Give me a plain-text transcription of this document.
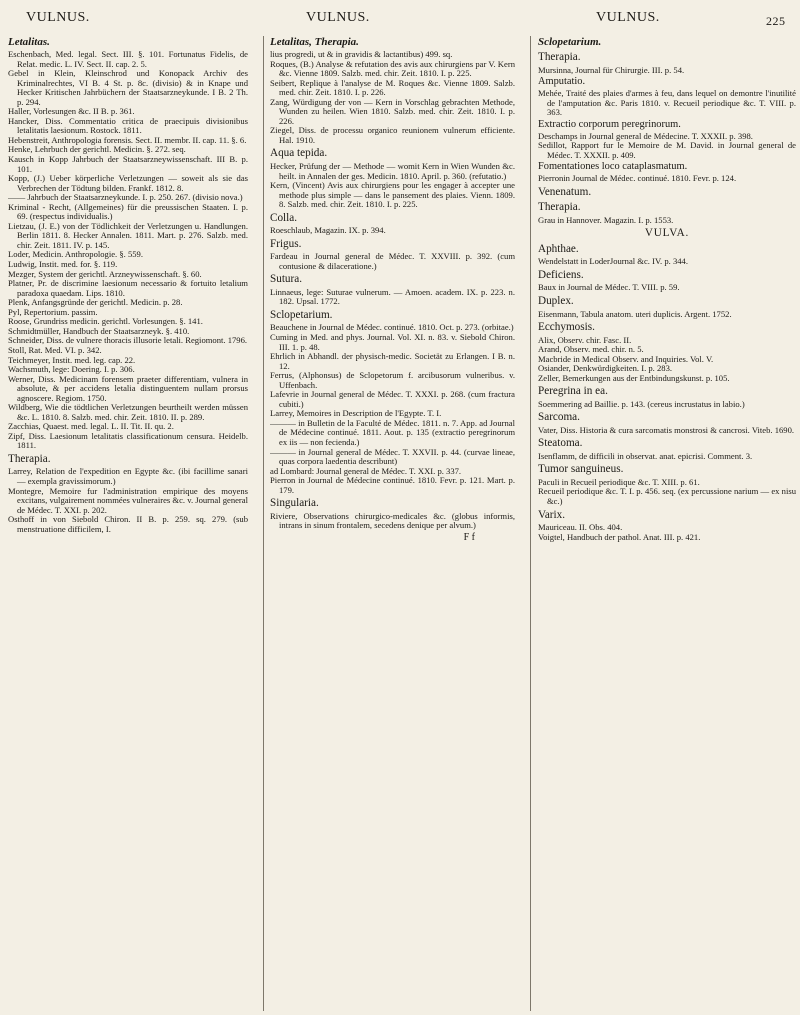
VULNUS.	VULNUS.	VULNUS.	225
Letalitas.
Eschenbach, Med. legal. Sect. III. §. 101. Fortunatus Fidelis, de Relat. medic. L. IV. Sect. II. cap. 2. 5.
Gebel in Klein, Kleinschrod und Konopack Archiv des Kriminalrechtes, VI B. 4 St. p. 8c. (divisio) & in Knape und Hecker Kritischen Jahrbüchern der Staatsarzneykunde. I B. 2 Th. p. 294.
Haller, Vorlesungen &c. II B. p. 361.
Hancker, Diss. Commentatio critica de praecipuis divisionibus letalitatis laesionum. Rostock. 1811.
Hebenstreit, Anthropologia forensis. Sect. II. membr. II. cap. 11. §. 6.
Henke, Lehrbuch der gerichtl. Medicin. §. 272. seq.
Kausch in Kopp Jahrbuch der Staatsarzneywissenschaft. III B. p. 101.
Kopp, (J.) Ueber körperliche Verletzungen — soweit als sie das Verbrechen der Tödtung bilden. Frankf. 1812. 8.
—— Jahrbuch der Staatsarzneykunde. I. p. 250. 267. (divisio nova.)
Kriminal - Recht, (Allgemeines) für die preussischen Staaten. I. p. 69. (respectus individualis.)
Lietzau, (J. E.) von der Tödlichkeit der Verletzungen u. Handlungen. Berlin 1811. 8. Hecker Annalen. 1811. Mart. p. 276. Salzb. med. chir. Zeit. 1811. IV. p. 145.
Loder, Medicin. Anthropologie. §. 559.
Ludwig, Instit. med. for. §. 119.
Mezger, System der gerichtl. Arzneywissenschaft. §. 60.
Platner, Pr. de discrimine laesionum necessario & fortuito letalium paradoxa quaedam. Lips. 1810.
Plenk, Anfangsgründe der gerichtl. Medicin. p. 28.
Pyl, Repertorium. passim.
Roose, Grundriss medicin. gerichtl. Vorlesungen. §. 141.
Schmidtmüller, Handbuch der Staatsarzneyk. §. 410.
Schneider, Diss. de vulnere thoracis illusorie letali. Regiomont. 1796.
Stoll, Rat. Med. VI. p. 342.
Teichmeyer, Instit. med. leg. cap. 22.
Wachsmuth, lege: Doering. I. p. 306.
Werner, Diss. Medicinam forensem praeter differentiam, vulnera in absolute, & per accidens letalia distinguentem nullam prorsus agnoscere. Regiom. 1750.
Wildberg, Wie die tödtlichen Verletzungen beurtheilt werden müssen &c. L. 1810. 8. Salzb. med. chir. Zeit. 1810. II. p. 289.
Zacchias, Quaest. med. legal. L. II. Tit. II. qu. 2.
Zipf, Diss. Laesionum letalitatis classificationum censura. Heidelb. 1811.
Therapia.
Larrey, Relation de l'expedition en Egypte &c. (ibi facillime sanari — exempla gravissimorum.)
Montegre, Memoire fur l'administration empirique des moyens excitans, vulgairement nommées vulneraires &c. v. Journal general de Médec. T. XXI. p. 202.
Osthoff in von Siebold Chiron. II B. p. 259. sq. 279. (sub menstruatione difficilem, I.
Letalitas, Therapia.
lius progredi, ut & in gravidis & lactantibus) 499. sq.
Roques, (B.) Analyse & refutation des avis aux chirurgiens par V. Kern &c. Vienne 1809. Salzb. med. chir. Zeit. 1810. I. p. 225.
Seibert, Replique à l'analyse de M. Roques &c. Vienne 1809. Salzb. med. chir. Zeit. 1810. I. p. 226.
Zang, Würdigung der von — Kern in Vorschlag gebrachten Methode, Wunden zu heilen. Wien 1810. Salzb. med. chir. Zeit. 1810. I. p. 226.
Ziegel, Diss. de processu organico reunionem vulnerum efficiente. Hal. 1910.
Aqua tepida.
Hecker, Prüfung der — Methode — womit Kern in Wien Wunden &c. heilt. in Annalen der ges. Medicin. 1810. April. p. 360. (refutatio.)
Kern, (Vincent) Avis aux chirurgiens pour les engager à accepter une methode plus simple — dans le pansement des plaies. Vienn. 1809. 8. Salzb. med. chir. Zeit. 1810. I. p. 225.
Colla.
Roeschlaub, Magazin. IX. p. 394.
Frigus.
Fardeau in Journal general de Médec. T. XXVIII. p. 392. (cum contusione & dilaceratione.)
Sutura.
Linnaeus, lege: Suturae vulnerum. — Amoen. academ. IX. p. 223. n. 182. Upsal. 1772.
Sclopetarium.
Beauchene in Journal de Médec. continué. 1810. Oct. p. 273. (orbitae.)
Cuming in Med. and phys. Journal. Vol. XI. n. 83. v. Siebold Chiron. III. 1. p. 48.
Ehrlich in Abhandl. der physisch-medic. Societät zu Erlangen. I B. n. 12.
Ferrus, (Alphonsus) de Sclopetorum f. arcibusorum vulneribus. v. Uffenbach.
Lafevrie in Journal general de Médec. T. XXXI. p. 268. (cum fractura cubiti.)
Larrey, Memoires in Description de l'Egypte. T. I.
——— in Bulletin de la Faculté de Médec. 1811. n. 7. App. ad Journal de Médecine continué. 1811. Aout. p. 135 (extractio peregrinorum ex iis — non fecienda.)
——— in Journal general de Médec. T. XXVII. p. 44. (curvae lineae, quas corpora laedentia describunt)
ad Lombard: Journal general de Médec. T. XXI. p. 337.
Pierron in Journal de Médecine continué. 1810. Fevr. p. 121. Mart. p. 179.
Singularia.
Riviere, Observations chirurgico-medicales &c. (globus informis, intrans in sinum frontalem, secedens denique per alvum.)
F f
Sclopetarium.
Therapia.
Mursinna, Journal für Chirurgie. III. p. 54.
Amputatio.
Mehée, Traité des plaies d'armes à feu, dans lequel on demontre l'inutilité de l'amputation &c. Paris 1810. v. Recueil periodique &c. T. VIII. p. 363.
Extractio corporum peregrinorum.
Deschamps in Journal general de Médecine. T. XXXII. p. 398.
Sedillot, Rapport fur le Memoire de M. David. in Journal general de Médec. T. XXXII. p. 409.
Fomentationes loco cataplasmatum.
Pierronin Journal de Médec. continué. 1810. Fevr. p. 124.
Venenatum.
Therapia.
Grau in Hannover. Magazin. I. p. 1553.
VULVA.
Aphthae.
Wendelstatt in LoderJournal &c. IV. p. 344.
Deficiens.
Baux in Journal de Médec. T. VIII. p. 59.
Duplex.
Eisenmann, Tabula anatom. uteri duplicis. Argent. 1752.
Ecchymosis.
Alix, Observ. chir. Fasc. II.
Arand, Observ. med. chir. n. 5.
Macbride in Medical Observ. and Inquiries. Vol. V.
Osiander, Denkwürdigkeiten. I. p. 283.
Zeller, Bemerkungen aus der Entbindungskunst. p. 105.
Peregrina in ea.
Soemmering ad Baillie. p. 143. (cereus incrustatus in labio.)
Sarcoma.
Vater, Diss. Historia & cura sarcomatis monstrosi & cancrosi. Viteb. 1690.
Steatoma.
Isenflamm, de difficili in observat. anat. epicrisi. Comment. 3.
Tumor sanguineus.
Paculi in Recueil periodique &c. T. XIII. p. 61.
Recueil periodique &c. T. I. p. 456. seq. (ex percussione narium — ex nisu &c.)
Varix.
Mauriceau. II. Obs. 404.
Voigtel, Handbuch der pathol. Anat. III. p. 421.
